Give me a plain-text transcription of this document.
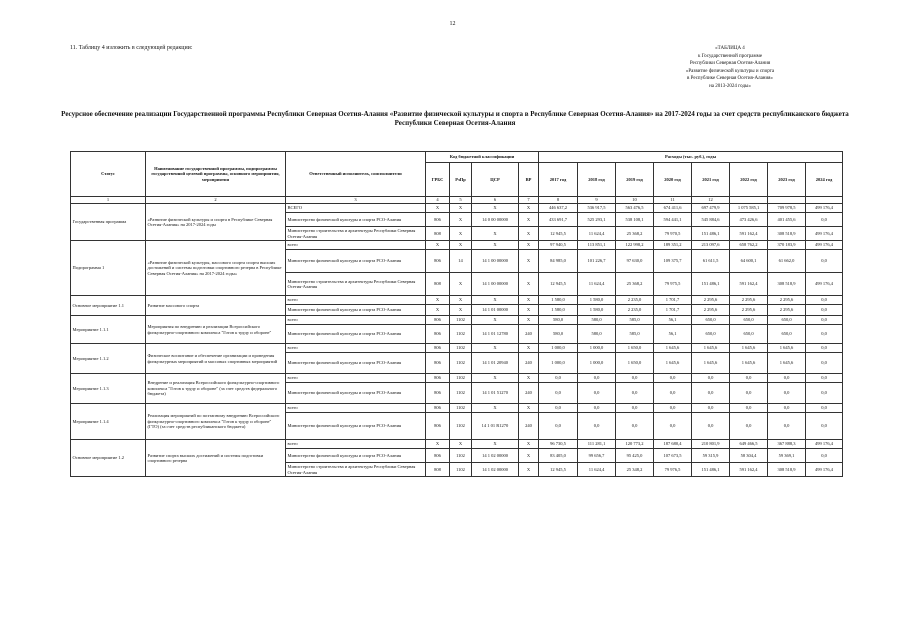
12
11. Таблицу 4 изложить в следующей редакции:	«ТАБЛИЦА 4
к Государственной программе
Республики Северная Осетия-Алания
«Развитие физической культуры и спорта
в Республике Северная Осетия-Алания»
на 2013-2024 годы»
Ресурсное обеспечение реализации Государственной программы Республики Северная Осетия-Алания «Развитие физической культуры и спорта в Республике Северная Осетия-Алания» на 2017-2024 годы за счет средств республиканского бюджета Республики Северная Осетия-Алания
Статус	Наименование государственной программы, подпрограммы государственной целевой программы, основного мероприятия, мероприятия	Ответственный исполнитель, соисполнители	Код бюджетной классификации				Расходы (тыс. руб.), годы							
			ГРБС	РзПр	ЦСР	ВР	2017 год	2018 год	2019 год	2020 год	2021 год	2022 год	2023 год	2024 год
1	2	3	4	5	6	7	8	9	10	11	12			
Государственная программа	«Развитие физической культуры и спорта в Республике Северная Осетия-Алания» на 2017-2024 годы	ВСЕГО	X	X	X	X	446 637,2	536 917,5	563 476,5	674 411,6	697 479,9	1 075 585,1	709 978,5	499 176,4
		Министерство физической культуры и спорта РСО-Алания	806	X	14 0 00 00000	X	433 691,7	525 293,1	538 108,1	594 441,1	545 884,6	473 426,6	401 455,6	0,0
		Министерство строительства и архитектуры Республики Северная Осетия-Алания	808	X	X	X	12 945,5	11 624,4	25 368,2	79 970,5	151 486,1	591 162,4	308 518,9	499 176,4
Подпрограмма 1	«Развитие физической культуры, массового спорта спорта высших достижений и системы подготовки спортивного резерва в Республике Северная Осетия-Алания» на 2017-2024 годы»	всего	X	X	X	X	97 940,5	113 851,1	122 998,2	189 351,2	213 097,6	658 762,2	370 183,9	499 176,4
		Министерство физической культуры и спорта РСО-Алания	806	14	14 1 00 00000	X	84 985,0	101 226,7	97 630,0	109 375,7	61 611,5	64 600,1	61 662,0	0,0
		Министерство строительства и архитектуры Республики Северная Осетия-Алания	808	X	14 1 00 00000	X	12 945,5	11 624,4	25 368,2	79 975,5	151 486,1	591 162,4	308 518,9	499 176,4
Основное мероприятие 1.1	Развитие массового спорта	всего	X	X	X	X	1 580,0	1 580,0	2 235,0	1 701,7	2 295,6	2 295,6	2 295,6	0,0
		Министерство физической культуры и спорта РСО-Алания	X	X	14 1 01 00000	X	1 580,0	1 580,0	2 235,0	1 701,7	2 295,6	2 295,6	2 295,6	0,0
Мероприятие 1.1.1	Мероприятия по внедрению и реализации Всероссийского физкультурно-спортивного комплекса "Готов к труду и обороне"	всего	806	1102	X	X	580,0	580,0	585,0	56,1	650,0	650,0	650,0	0,0
		Министерство физической культуры и спорта РСО-Алания	806	1102	14 1 01 12780	240	580,0	580,0	585,0	56,1	650,0	650,0	650,0	0,0
Мероприятие 1.1.2	Физическое воспитание и обеспечение организации и проведения физкультурных мероприятий и массовых спортивных мероприятий	всего	806	1102	X	X	1 000,0	1 000,0	1 650,0	1 645,6	1 645,6	1 645,6	1 645,6	0,0
		Министерство физической культуры и спорта РСО-Алания	806	1102	14 1 01 20940	240	1 000,0	1 000,0	1 650,0	1 645,6	1 645,6	1 645,6	1 645,6	0,0
Мероприятие 1.1.3	Внедрение и реализация Всероссийского физкультурно-спортивного комплекса "Готов к труду и обороне" (за счет средств федерального бюджета)	всего	806	1102	X	X	0,0	0,0	0,0	0,0	0,0	0,0	0,0	0,0
		Министерство физической культуры и спорта РСО-Алания	806	1102	14 1 01 51270	240	0,0	0,0	0,0	0,0	0,0	0,0	0,0	0,0
Мероприятие 1.1.4	Реализация мероприятий по поэтапному внедрению Всероссийского физкультурно-спортивного комплекса "Готов к труду и обороне" (ГТО) (за счет средств республиканского бюджета)	всего	806	1102	X	X	0,0	0,0	0,0	0,0	0,0	0,0	0,0	0,0
		Министерство физической культуры и спорта РСО-Алания	806	1102	14 1 01 R1270	240	0,0	0,0	0,0	0,0	0,0	0,0	0,0	0,0
Основное мероприятие 1.2	Развитие спорта высших достижений и системы подготовки спортивного резерва	всего	X	X	X	X	96 730,5	111 281,1	120 773,2	187 680,4	210 801,9	649 466,5	367 888,3	499 176,4
		Министерство физической культуры и спорта РСО-Алания	806	1102	14 1 02 00000	X	83 405,0	99 656,7	95 425,0	107 673,5	59 315,9	58 304,4	59 369,1	0,0
		Министерство строительства и архитектуры Республики Северная Осетия-Алания	808	1102	14 1 02 00000	X	12 945,5	11 624,4	25 348,2	79 976,5	151 486,1	591 162,4	308 518,9	499 176,4
